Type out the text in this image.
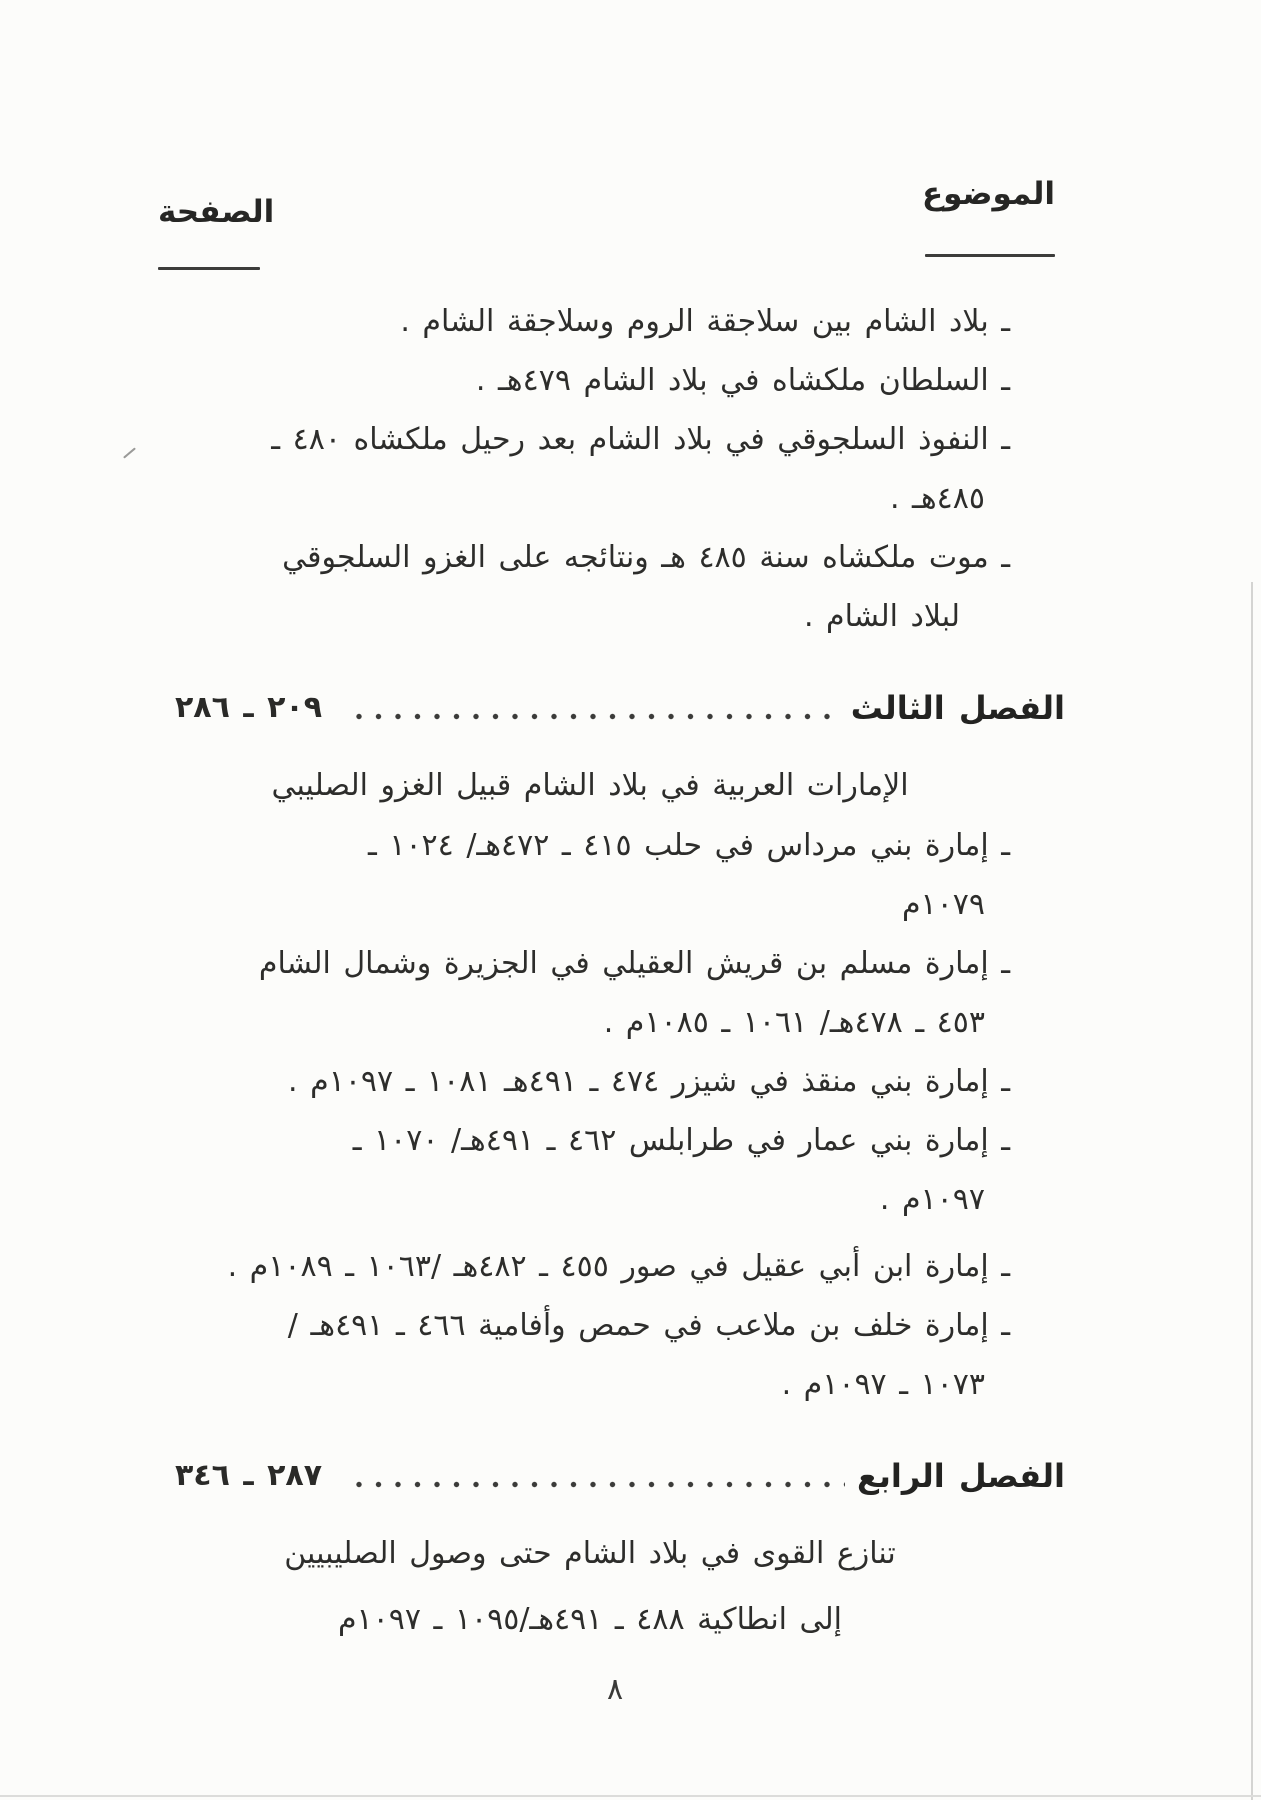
الموضوع
الصفحة
ـ بلاد الشام بين سلاجقة الروم وسلاجقة الشام .
ـ السلطان ملكشاه في بلاد الشام ٤٧٩هـ .
ـ النفوذ السلجوقي في بلاد الشام بعد رحيل ملكشاه ٤٨٠ ـ
٤٨٥هـ .
ـ موت ملكشاه سنة ٤٨٥ هـ ونتائجه على الغزو السلجوقي
لبلاد الشام .
الفصل الثالث
٢٠٩ ـ ٢٨٦
الإمارات العربية في بلاد الشام قبيل الغزو الصليبي
ـ إمارة بني مرداس في حلب ٤١٥ ـ ٤٧٢هـ/ ١٠٢٤ ـ
١٠٧٩م
ـ إمارة مسلم بن قريش العقيلي في الجزيرة وشمال الشام
٤٥٣ ـ ٤٧٨هـ/ ١٠٦١ ـ ١٠٨٥م .
ـ إمارة بني منقذ في شيزر ٤٧٤ ـ ٤٩١هـ ١٠٨١ ـ ١٠٩٧م .
ـ إمارة بني عمار في طرابلس ٤٦٢ ـ ٤٩١هـ/ ١٠٧٠ ـ
١٠٩٧م .
ـ إمارة ابن أبي عقيل في صور ٤٥٥ ـ ٤٨٢هـ /١٠٦٣ ـ ١٠٨٩م .
ـ إمارة خلف بن ملاعب في حمص وأفامية ٤٦٦ ـ ٤٩١هـ /
١٠٧٣ ـ ١٠٩٧م .
الفصل الرابع
٢٨٧ ـ ٣٤٦
تنازع القوى في بلاد الشام حتى وصول الصليبيين
إلى انطاكية ٤٨٨ ـ ٤٩١هـ/١٠٩٥ ـ ١٠٩٧م
٨
